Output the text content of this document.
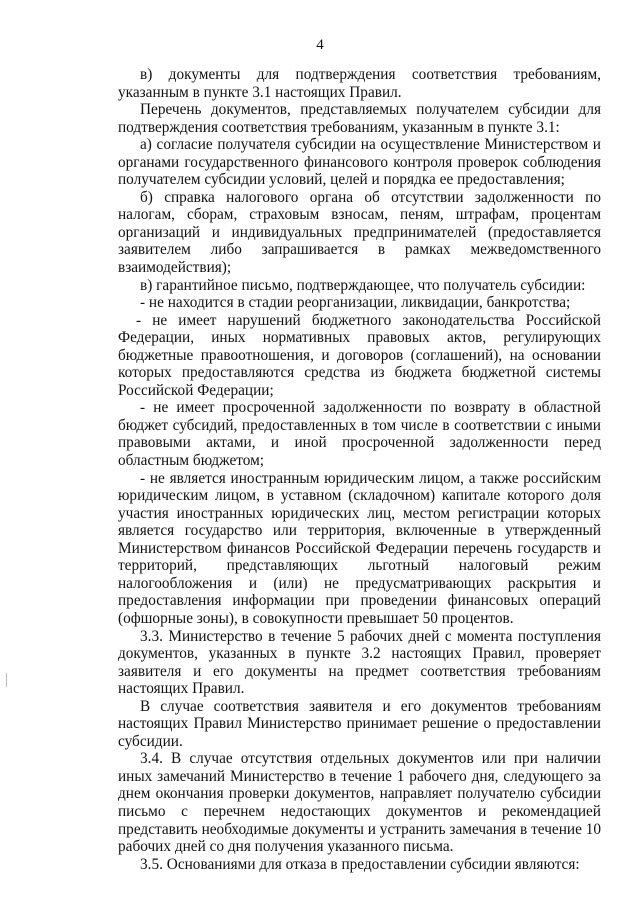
4

в) документы для подтверждения соответствия требованиям, указанным в пункте 3.1 настоящих Правил.

Перечень документов, представляемых получателем субсидии для подтверждения соответствия требованиям, указанным в пункте 3.1:

а) согласие получателя субсидии на осуществление Министерством и органами государственного финансового контроля проверок соблюдения получателем субсидии условий, целей и порядка ее предоставления;

б) справка налогового органа об отсутствии задолженности по налогам, сборам, страховым взносам, пеням, штрафам, процентам организаций и индивидуальных предпринимателей (предоставляется заявителем либо запрашивается в рамках межведомственного взаимодействия);

в) гарантийное письмо, подтверждающее, что получатель субсидии:

- не находится в стадии реорганизации, ликвидации, банкротства;

- не имеет нарушений бюджетного законодательства Российской Федерации, иных нормативных правовых актов, регулирующих бюджетные правоотношения, и договоров (соглашений), на основании которых предоставляются средства из бюджета бюджетной системы Российской Федерации;

- не имеет просроченной задолженности по возврату в областной бюджет субсидий, предоставленных в том числе в соответствии с иными правовыми актами, и иной просроченной задолженности перед областным бюджетом;

- не является иностранным юридическим лицом, а также российским юридическим лицом, в уставном (складочном) капитале которого доля участия иностранных юридических лиц, местом регистрации которых является государство или территория, включенные в утвержденный Министерством финансов Российской Федерации перечень государств и территорий, представляющих льготный налоговый режим налогообложения и (или) не предусматривающих раскрытия и предоставления информации при проведении финансовых операций (офшорные зоны), в совокупности превышает 50 процентов.

3.3. Министерство в течение 5 рабочих дней с момента поступления документов, указанных в пункте 3.2 настоящих Правил, проверяет заявителя и его документы на предмет соответствия требованиям настоящих Правил.

В случае соответствия заявителя и его документов требованиям настоящих Правил Министерство принимает решение о предоставлении субсидии.

3.4. В случае отсутствия отдельных документов или при наличии иных замечаний Министерство в течение 1 рабочего дня, следующего за днем окончания проверки документов, направляет получателю субсидии письмо с перечнем недостающих документов и рекомендацией представить необходимые документы и устранить замечания в течение 10 рабочих дней со дня получения указанного письма.

3.5. Основаниями для отказа в предоставлении субсидии являются:
